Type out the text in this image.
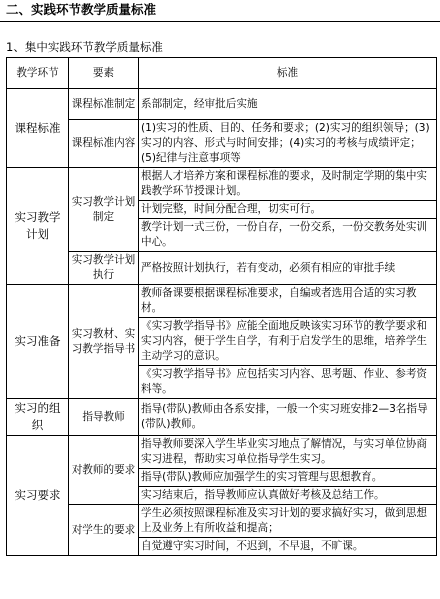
二、实践环节教学质量标准
1、集中实践环节教学质量标准
教学环节	要素	标准
课程标准	课程标准制定	系部制定，经审批后实施
	课程标准内容	(1)实习的性质、目的、任务和要求；(2)实习的组织领导；(3)实习的内容、形式与时间安排；(4)实习的考核与成绩评定；(5)纪律与注意事项等
实习教学计划	实习教学计划制定	根据人才培养方案和课程标准的要求，及时制定学期的集中实践教学环节授课计划。
		计划完整，时间分配合理，切实可行。
		教学计划一式三份，一份自存，一份交系，一份交教务处实训中心。
	实习教学计划执行	严格按照计划执行，若有变动，必须有相应的审批手续
实习准备	实习教材、实习教学指导书	教师备课要根据课程标准要求，自编或者选用合适的实习教材。
		《实习教学指导书》应能全面地反映该实习环节的教学要求和实习内容，便于学生自学，有利于启发学生的思维，培养学生主动学习的意识。
		《实习教学指导书》应包括实习内容、思考题、作业、参考资料等。
实习的组织	指导教师	指导(带队)教师由各系安排，一般一个实习班安排2—3名指导(带队)教师。
实习要求	对教师的要求	指导教师要深入学生毕业实习地点了解情况，与实习单位协商实习进程，帮助实习单位指导学生实习。
		指导(带队)教师应加强学生的实习管理与思想教育。
		实习结束后，指导教师应认真做好考核及总结工作。
	对学生的要求	学生必须按照课程标准及实习计划的要求搞好实习，做到思想上及业务上有所收益和提高；
		自觉遵守实习时间，不迟到，不早退，不旷课。
